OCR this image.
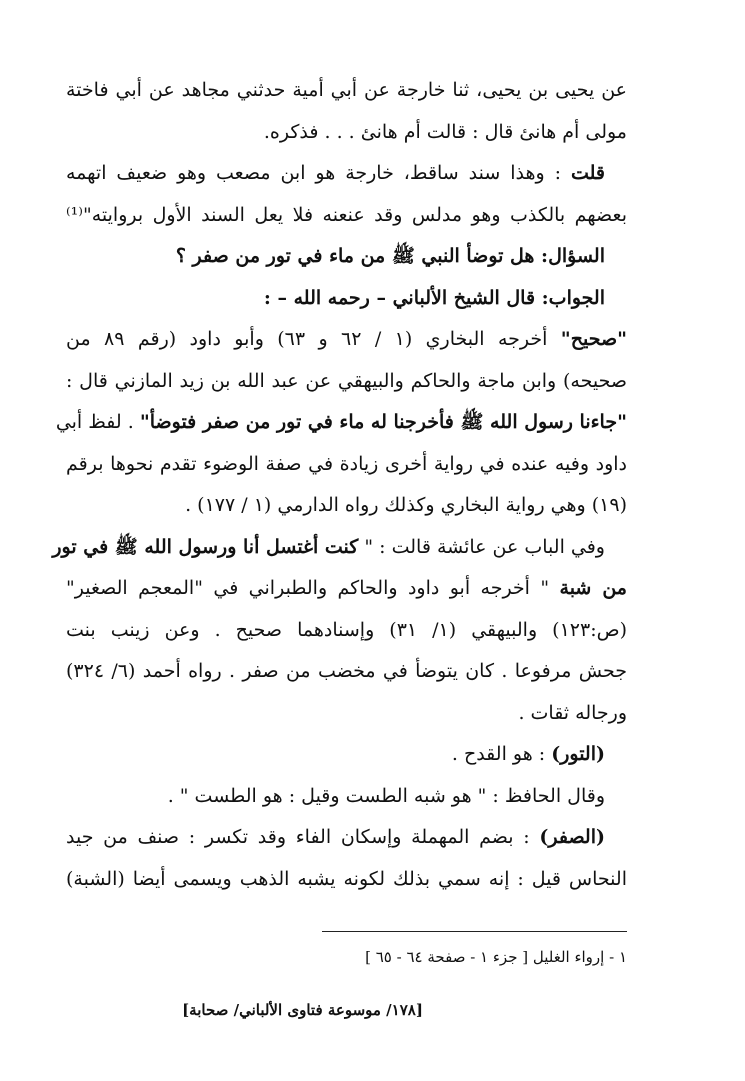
عن يحيى بن يحيى، ثنا خارجة عن أبي أمية حدثني مجاهد عن أبي فاختة
مولى أم هانئ قال : قالت أم هانئ . . . فذكره.
قلت : وهذا سند ساقط، خارجة هو ابن مصعب وهو ضعيف اتهمه
بعضهم بالكذب وهو مدلس وقد عنعنه فلا يعل السند الأول بروايته"⁽¹⁾
السؤال: هل توضأ النبي ﷺ من ماء في تور من صفر ؟
الجواب: قال الشيخ الألباني – رحمه الله – :
"صحيح" أخرجه البخاري (١ / ٦٢ و ٦٣) وأبو داود (رقم ٨٩ من
صحيحه) وابن ماجة والحاكم والبيهقي عن عبد الله بن زيد المازني قال :
"جاءنا رسول الله ﷺ فأخرجنا له ماء في تور من صفر فتوضأ" . لفظ أبي
داود وفيه عنده في رواية أخرى زيادة في صفة الوضوء تقدم نحوها برقم
(١٩) وهي رواية البخاري وكذلك رواه الدارمي (١ / ١٧٧) .
وفي الباب عن عائشة قالت : " كنت أغتسل أنا ورسول الله ﷺ في تور
من شبة " أخرجه أبو داود والحاكم والطبراني في "المعجم الصغير"
(ص:١٢٣) والبيهقي (١/ ٣١) وإسنادهما صحيح . وعن زينب بنت
جحش مرفوعا . كان يتوضأ في مخضب من صفر . رواه أحمد (٦/ ٣٢٤)
ورجاله ثقات .
(التور) : هو القدح .
وقال الحافظ : " هو شبه الطست وقيل : هو الطست " .
(الصفر) : بضم المهملة وإسكان الفاء وقد تكسر : صنف من جيد
النحاس قيل : إنه سمي بذلك لكونه يشبه الذهب ويسمى أيضا (الشبة)
١ - إرواء الغليل [ جزء ١ - صفحة ٦٤ - ٦٥ ]
[١٧٨/ موسوعة فتاوى الألباني/ صحابة]
